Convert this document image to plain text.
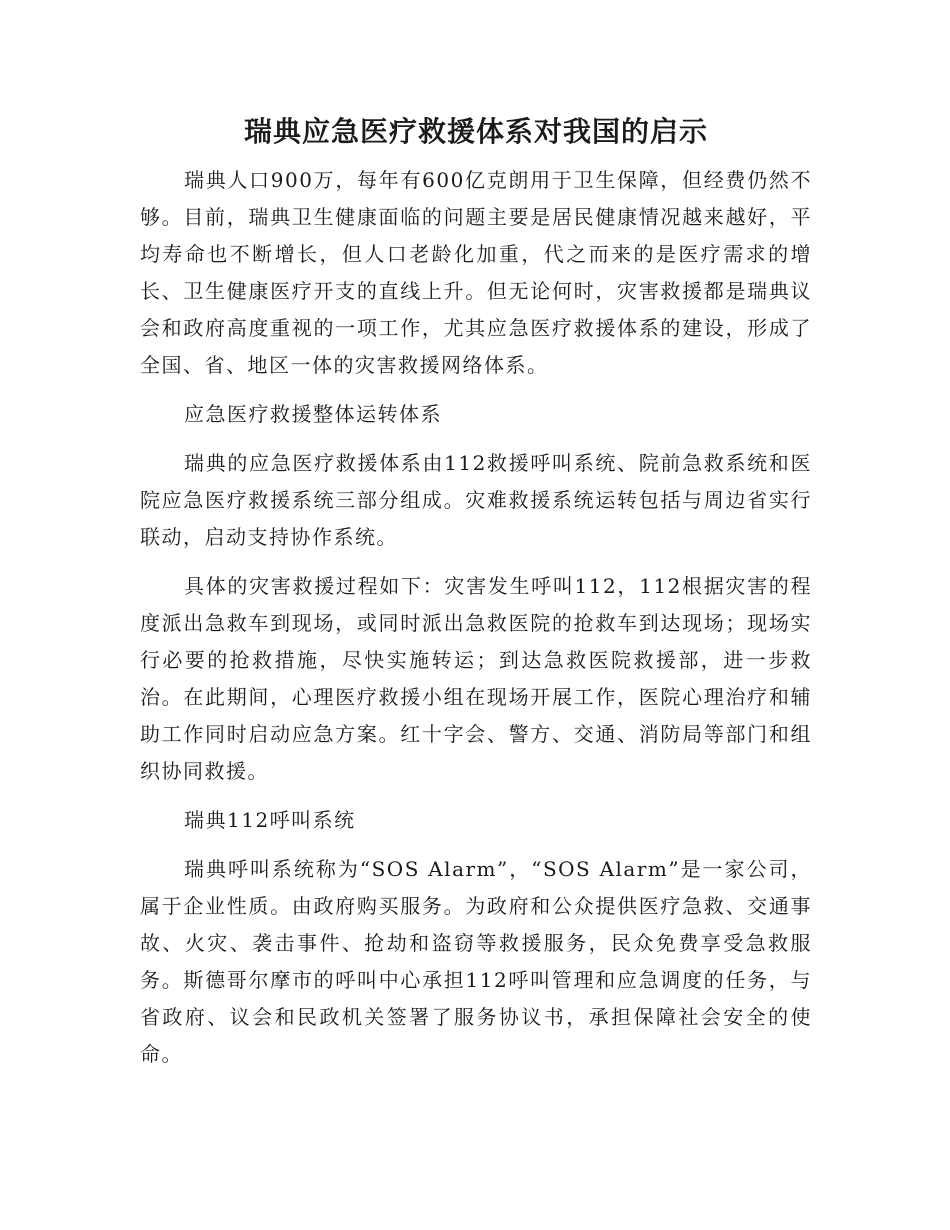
瑞典应急医疗救援体系对我国的启示

瑞典人口900万，每年有600亿克朗用于卫生保障，但经费仍然不够。目前，瑞典卫生健康面临的问题主要是居民健康情况越来越好，平均寿命也不断增长，但人口老龄化加重，代之而来的是医疗需求的增长、卫生健康医疗开支的直线上升。但无论何时，灾害救援都是瑞典议会和政府高度重视的一项工作，尤其应急医疗救援体系的建设，形成了全国、省、地区一体的灾害救援网络体系。

应急医疗救援整体运转体系

瑞典的应急医疗救援体系由112救援呼叫系统、院前急救系统和医院应急医疗救援系统三部分组成。灾难救援系统运转包括与周边省实行联动，启动支持协作系统。

具体的灾害救援过程如下：灾害发生呼叫112，112根据灾害的程度派出急救车到现场，或同时派出急救医院的抢救车到达现场；现场实行必要的抢救措施，尽快实施转运；到达急救医院救援部，进一步救治。在此期间，心理医疗救援小组在现场开展工作，医院心理治疗和辅助工作同时启动应急方案。红十字会、警方、交通、消防局等部门和组织协同救援。

瑞典112呼叫系统

瑞典呼叫系统称为“SOS Alarm”，“SOS Alarm”是一家公司，属于企业性质。由政府购买服务。为政府和公众提供医疗急救、交通事故、火灾、袭击事件、抢劫和盗窃等救援服务，民众免费享受急救服务。斯德哥尔摩市的呼叫中心承担112呼叫管理和应急调度的任务，与省政府、议会和民政机关签署了服务协议书，承担保障社会安全的使命。
